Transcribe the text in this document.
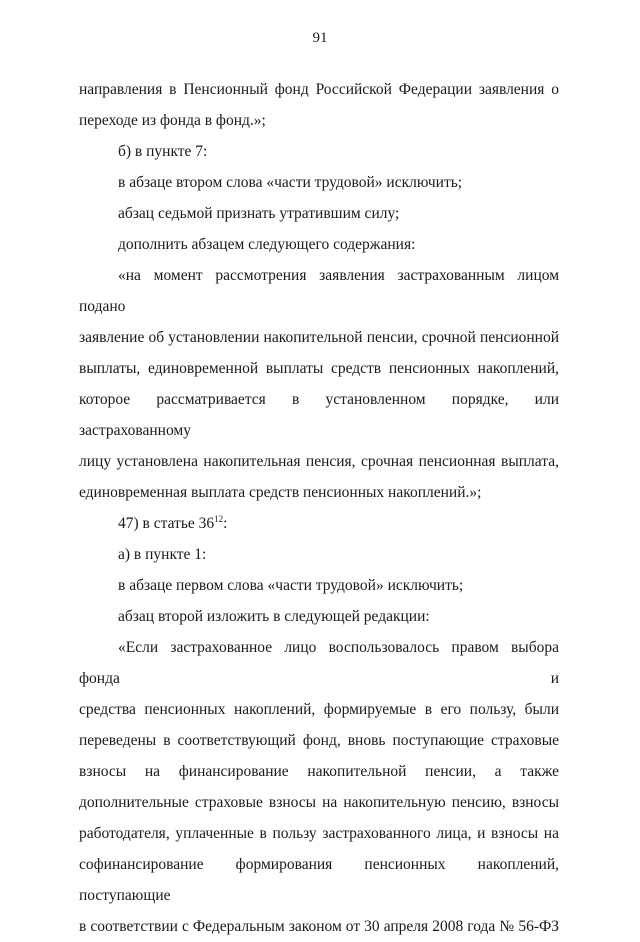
91

направления в Пенсионный фонд Российской Федерации заявления о

переходе из фонда в фонд.»;

б) в пункте 7:

в абзаце втором слова «части трудовой» исключить;

абзац седьмой признать утратившим силу;

дополнить абзацем следующего содержания:

«на момент рассмотрения заявления застрахованным лицом подано

заявление об установлении накопительной пенсии, срочной пенсионной

выплаты, единовременной выплаты средств пенсионных накоплений,

которое рассматривается в установленном порядке, или застрахованному

лицу установлена накопительная пенсия, срочная пенсионная выплата,

единовременная выплата средств пенсионных накоплений.»;

47) в статье $36^{12}$:

а) в пункте 1:

в абзаце первом слова «части трудовой» исключить;

абзац второй изложить в следующей редакции:

«Если застрахованное лицо воспользовалось правом выбора фонда и

средства пенсионных накоплений, формируемые в его пользу, были

переведены в соответствующий фонд, вновь поступающие страховые

взносы на финансирование накопительной пенсии, а также

дополнительные страховые взносы на накопительную пенсию, взносы

работодателя, уплаченные в пользу застрахованного лица, и взносы на

софинансирование формирования пенсионных накоплений, поступающие

в соответствии с Федеральным законом от 30 апреля 2008 года № 56-ФЗ
